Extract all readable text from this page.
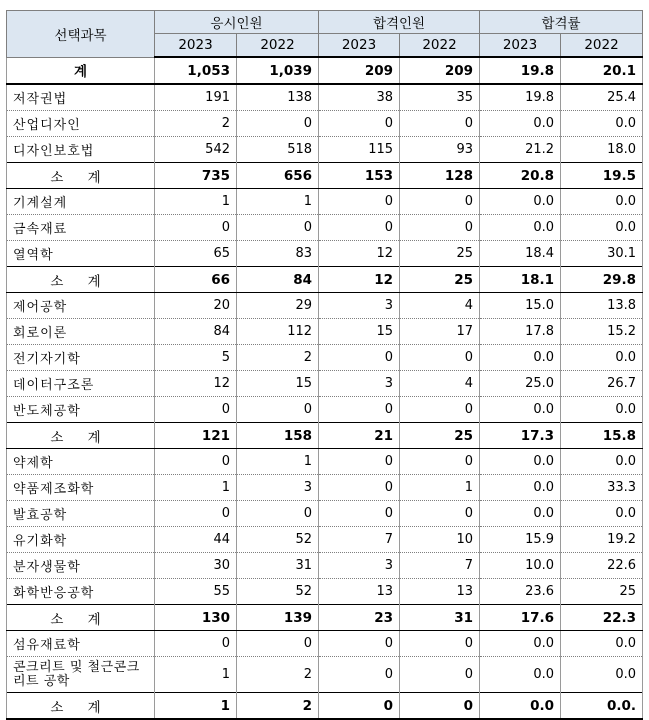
선택과목	응시인원		합격인원		합격률	
	2023	2022	2023	2022	2023	2022
계	1,053	1,039	209	209	19.8	20.1
저작권법	191	138	38	35	19.8	25.4
산업디자인	2	0	0	0	0.0	0.0
디자인보호법	542	518	115	93	21.2	18.0
소 계	735	656	153	128	20.8	19.5
기계설계	1	1	0	0	0.0	0.0
금속재료	0	0	0	0	0.0	0.0
열역학	65	83	12	25	18.4	30.1
소 계	66	84	12	25	18.1	29.8
제어공학	20	29	3	4	15.0	13.8
회로이론	84	112	15	17	17.8	15.2
전기자기학	5	2	0	0	0.0	0.0
데이터구조론	12	15	3	4	25.0	26.7
반도체공학	0	0	0	0	0.0	0.0
소 계	121	158	21	25	17.3	15.8
약제학	0	1	0	0	0.0	0.0
약품제조화학	1	3	0	1	0.0	33.3
발효공학	0	0	0	0	0.0	0.0
유기화학	44	52	7	10	15.9	19.2
분자생물학	30	31	3	7	10.0	22.6
화학반응공학	55	52	13	13	23.6	25
소 계	130	139	23	31	17.6	22.3
섬유재료학	0	0	0	0	0.0	0.0
콘크리트 및 철근콘크리트 공학	1	2	0	0	0.0	0.0
소 계	1	2	0	0	0.0	0.0.
